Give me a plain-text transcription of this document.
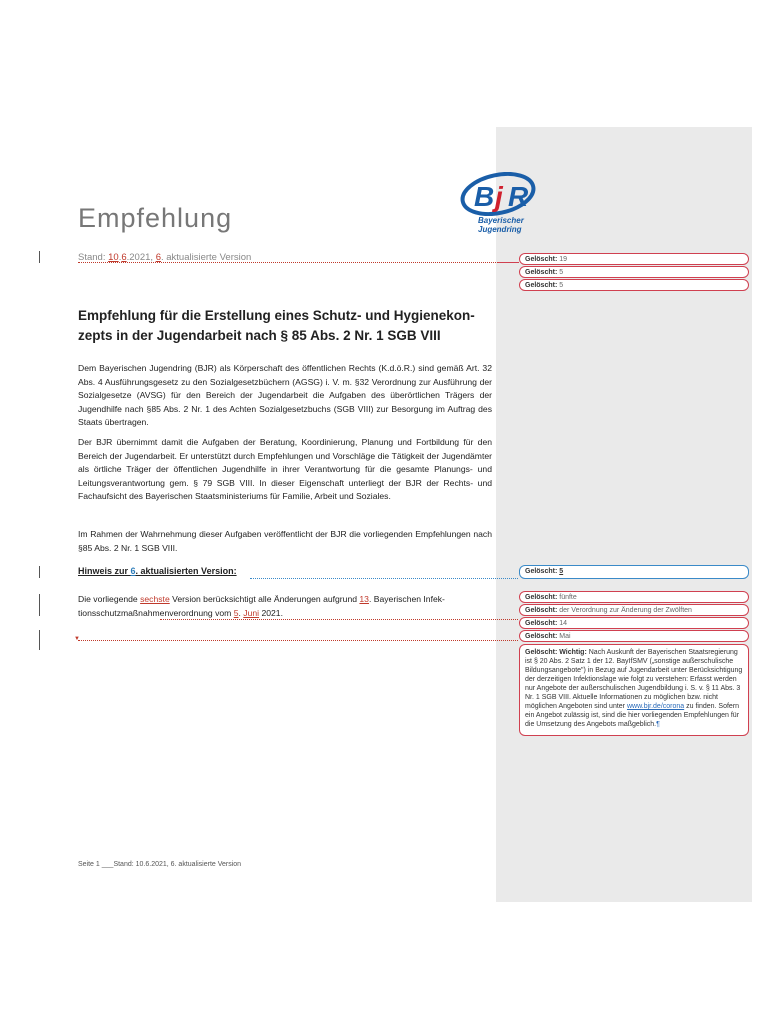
B j R
Bayerischer
Jugendring
Empfehlung
Stand: 10.6.2021, 6. aktualisierte Version
Empfehlung für die Erstellung eines Schutz- und Hygienekon-
zepts in der Jugendarbeit nach § 85 Abs. 2 Nr. 1 SGB VIII
Dem Bayerischen Jugendring (BJR) als Körperschaft des öffentlichen Rechts (K.d.ö.R.) sind gemäß Art. 32 Abs. 4 Ausführungsgesetz zu den Sozialgesetzbüchern (AGSG) i. V. m. §32 Verordnung zur Ausführung der Sozialgesetze (AVSG) für den Bereich der Jugendarbeit die Aufgaben des überörtlichen Trägers der Jugendhilfe nach §85 Abs. 2 Nr. 1 des Achten Sozialgesetzbuchs (SGB VIII) zur Besorgung im Auftrag des Staats übertragen.
Der BJR übernimmt damit die Aufgaben der Beratung, Koordinierung, Planung und Fortbildung für den Bereich der Jugendarbeit. Er unterstützt durch Empfehlungen und Vorschläge die Tätigkeit der Jugendämter als örtliche Träger der öffentlichen Jugendhilfe in ihrer Verantwortung für die gesamte Planungs- und Leitungsverantwortung gem. § 79 SGB VIII. In dieser Eigenschaft unterliegt der BJR der Rechts- und Fachaufsicht des Bayerischen Staatsministeriums für Familie, Arbeit und Soziales.
Im Rahmen der Wahrnehmung dieser Aufgaben veröffentlicht der BJR die vorliegenden Empfehlungen nach §85 Abs. 2 Nr. 1 SGB VIII.
Hinweis zur 6. aktualisierten Version:
Die vorliegende sechste Version berücksichtigt alle Änderungen aufgrund 13. Bayerischen Infek-
tionsschutzmaßnahmenverordnung vom 5. Juni 2021.
▼
Seite 1 ___Stand: 10.6.2021, 6. aktualisierte Version
Gelöscht: 19
Gelöscht: 5
Gelöscht: 5
Gelöscht: 5
Gelöscht: fünfte
Gelöscht: der Verordnung zur Änderung der Zwölften
Gelöscht: 14
Gelöscht: Mai
Gelöscht: Wichtig: Nach Auskunft der Bayerischen Staatsregierung ist § 20 Abs. 2 Satz 1 der 12. BayIfSMV („sonstige außerschulische Bildungsangebote") in Bezug auf Jugendarbeit unter Berücksichtigung der derzeitigen Infektionslage wie folgt zu verstehen: Erfasst werden nur Angebote der außerschulischen Jugendbildung i. S. v. § 11 Abs. 3 Nr. 1 SGB VIII. Aktuelle Informationen zu möglichen bzw. nicht möglichen Angeboten sind unter www.bjr.de/corona zu finden. Sofern ein Angebot zulässig ist, sind die hier vorliegenden Empfehlungen für die Umsetzung des Angebots maßgeblich.¶
